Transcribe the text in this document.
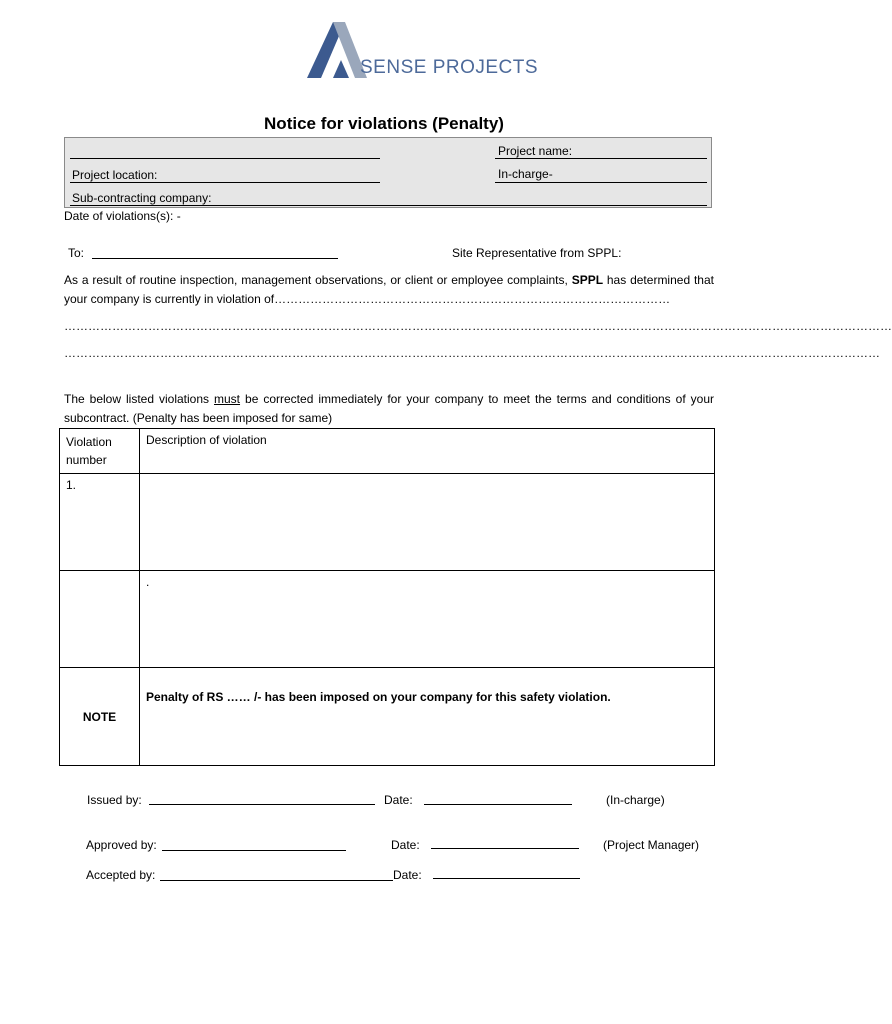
SENSE PROJECTS
Notice for violations (Penalty)
Project name:
Project location:	In-charge-
Sub-contracting company:
Date of violations(s): -
To:	Site Representative from SPPL:
As a result of routine inspection, management observations, or client or employee complaints, SPPL has determined that your company is currently in violation of………………………………………………………………………………………
………………………………………………………………………………………………………………………………………………………………………………………
……………………………………………………………………………………………………………………………………………………………………………………
The below listed violations must be corrected immediately for your company to meet the terms and conditions of your subcontract. (Penalty has been imposed for same)
Violation number	Description of violation
1.	
	.
NOTE	Penalty of RS …… /- has been imposed on your company for this safety violation.
Issued by:	Date:	(In-charge)
Approved by:	Date:	(Project Manager)
Accepted by:	Date:
